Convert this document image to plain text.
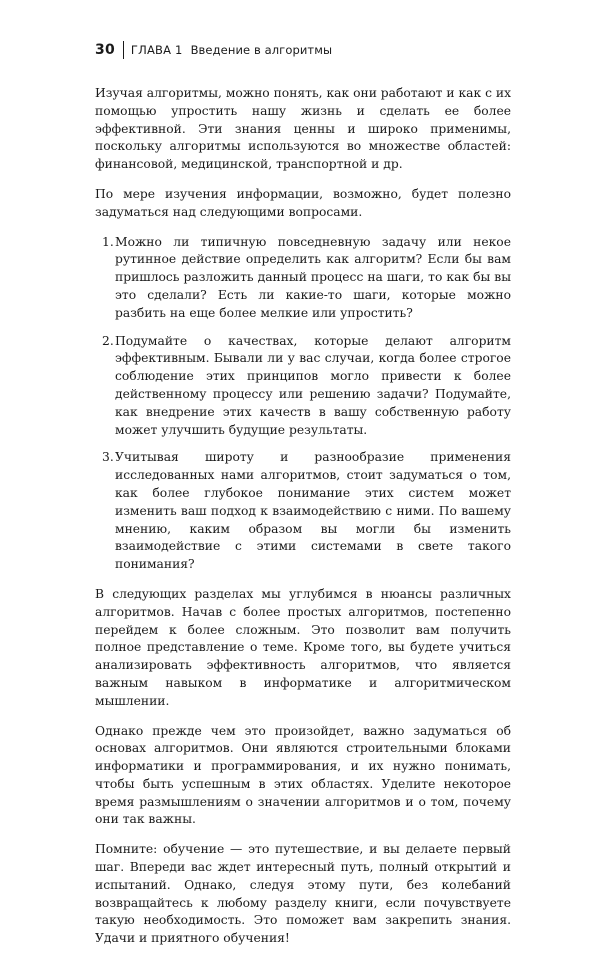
30 ГЛАВА 1 Введение в алгоритмы

Изучая алгоритмы, можно понять, как они работают и как с их помощью упростить нашу жизнь и сделать ее более эффективной. Эти знания ценны и широко применимы, поскольку алгоритмы используются во множестве областей: финансовой, медицинской, транспортной и др.

По мере изучения информации, возможно, будет полезно задуматься над следующими вопросами.

1. Можно ли типичную повседневную задачу или некое рутинное действие определить как алгоритм? Если бы вам пришлось разложить данный процесс на шаги, то как бы вы это сделали? Есть ли какие-то шаги, которые можно разбить на еще более мелкие или упростить?
2. Подумайте о качествах, которые делают алгоритм эффективным. Бывали ли у вас случаи, когда более строгое соблюдение этих принципов могло привести к более действенному процессу или решению задачи? Подумайте, как внедрение этих качеств в вашу собственную работу может улучшить будущие результаты.
3. Учитывая широту и разнообразие применения исследованных нами алгоритмов, стоит задуматься о том, как более глубокое понимание этих систем может изменить ваш подход к взаимодействию с ними. По вашему мнению, каким образом вы могли бы изменить взаимодействие с этими системами в свете такого понимания?

В следующих разделах мы углубимся в нюансы различных алгоритмов. Начав с более простых алгоритмов, постепенно перейдем к более сложным. Это позволит вам получить полное представление о теме. Кроме того, вы будете учиться анализировать эффективность алгоритмов, что является важным навыком в информатике и алгоритмическом мышлении.

Однако прежде чем это произойдет, важно задуматься об основах алгоритмов. Они являются строительными блоками информатики и программирования, и их нужно понимать, чтобы быть успешным в этих областях. Уделите некоторое время размышлениям о значении алгоритмов и о том, почему они так важны.

Помните: обучение — это путешествие, и вы делаете первый шаг. Впереди вас ждет интересный путь, полный открытий и испытаний. Однако, следуя этому пути, без колебаний возвращайтесь к любому разделу книги, если почувствуете такую необходимость. Это поможет вам закрепить знания. Удачи и приятного обучения!
